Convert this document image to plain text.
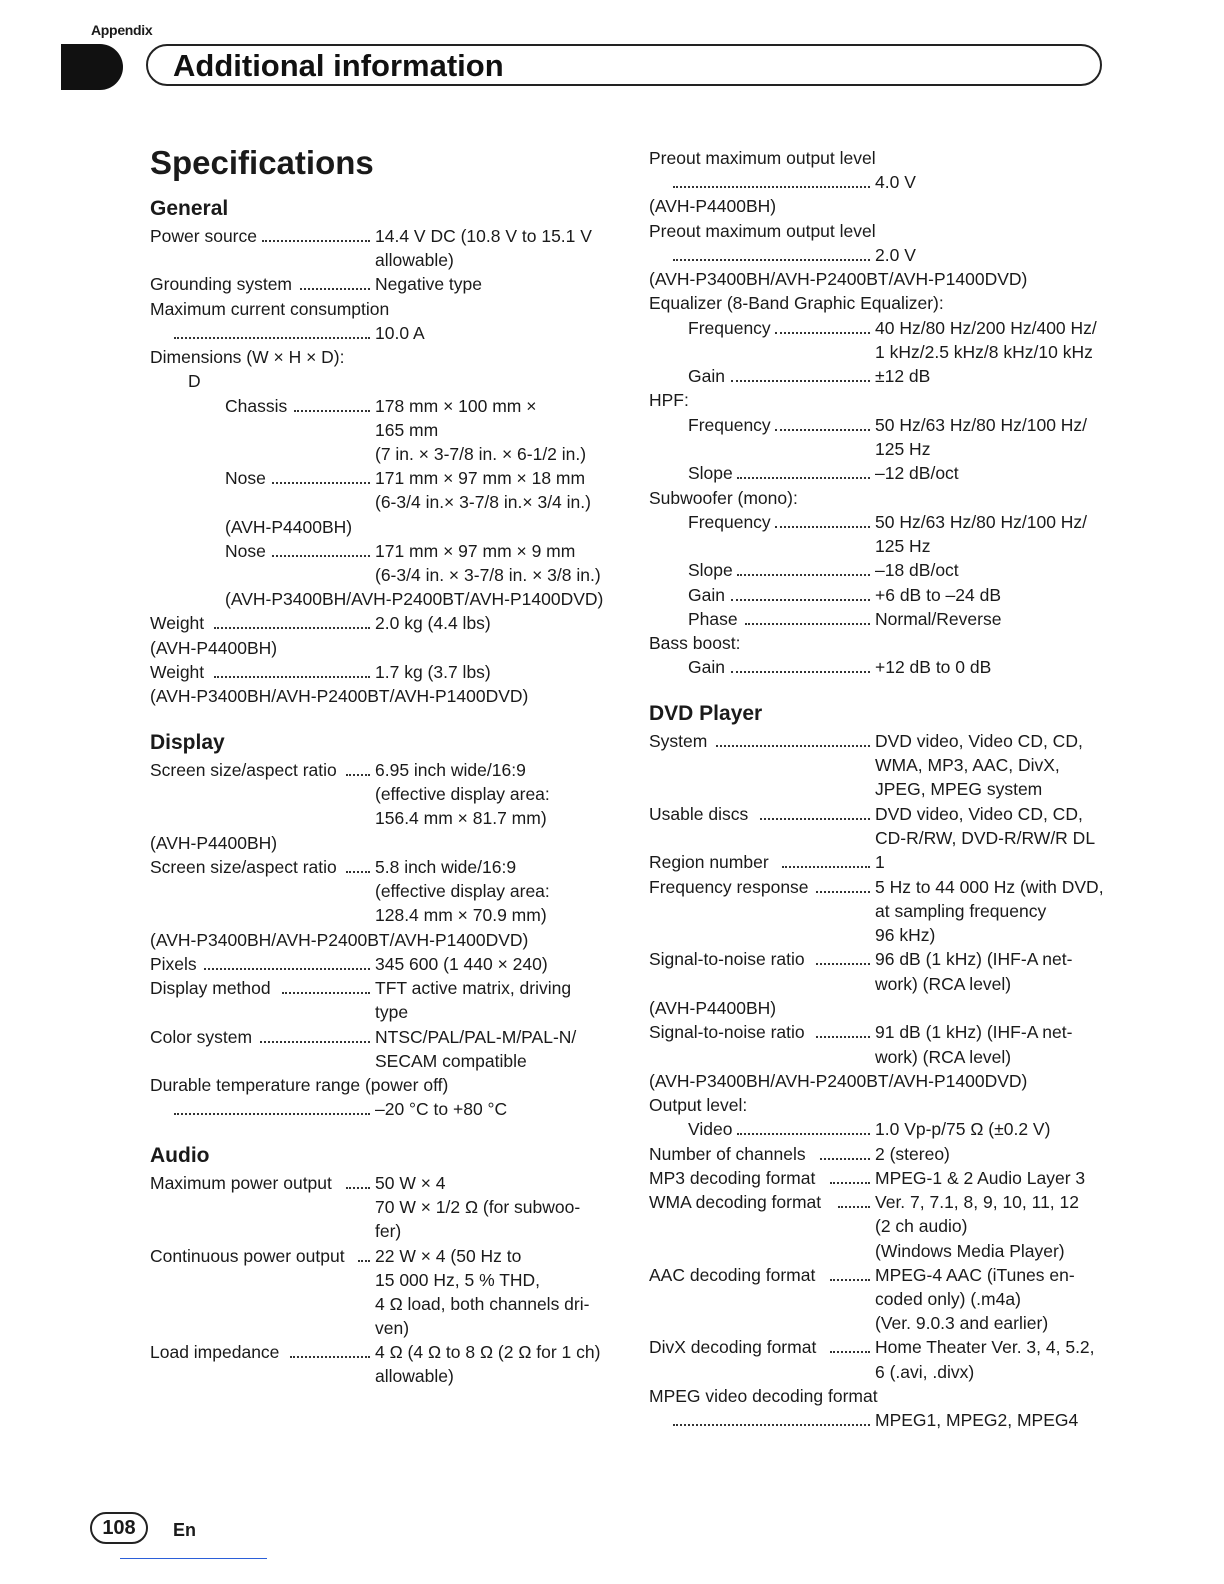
Appendix
Additional information
Specifications
General
Power source	14.4 V DC (10.8 V to 15.1 V
allowable)
Grounding system	Negative type
Maximum current consumption
10.0 A
Dimensions (W × H × D):
D
Chassis	178 mm × 100 mm ×
165 mm
(7 in. × 3-7/8 in. × 6-1/2 in.)
Nose	171 mm × 97 mm × 18 mm
(6-3/4 in.× 3-7/8 in.× 3/4 in.)
(AVH-P4400BH)
Nose	171 mm × 97 mm × 9 mm
(6-3/4 in. × 3-7/8 in. × 3/8 in.)
(AVH-P3400BH/AVH-P2400BT/AVH-P1400DVD)
Weight	2.0 kg (4.4 lbs)
(AVH-P4400BH)
Weight	1.7 kg (3.7 lbs)
(AVH-P3400BH/AVH-P2400BT/AVH-P1400DVD)
Display
Screen size/aspect ratio 6.95 inch wide/16:9
(effective display area:
156.4 mm × 81.7 mm)
(AVH-P4400BH)
Screen size/aspect ratio 5.8 inch wide/16:9
(effective display area:
128.4 mm × 70.9 mm)
(AVH-P3400BH/AVH-P2400BT/AVH-P1400DVD)
Pixels	345 600 (1 440 × 240)
Display method	TFT active matrix, driving
type
Color system	NTSC/PAL/PAL-M/PAL-N/
SECAM compatible
Durable temperature range (power off)
–20 °C to +80 °C
Audio
Maximum power output 50 W × 4
70 W × 1/2 Ω (for subwoo-
fer)
Continuous power output 22 W × 4 (50 Hz to
15 000 Hz, 5 % THD,
4 Ω load, both channels dri-
ven)
Load impedance	4 Ω (4 Ω to 8 Ω (2 Ω for 1 ch)
allowable)
Preout maximum output level
4.0 V
(AVH-P4400BH)
Preout maximum output level
2.0 V
(AVH-P3400BH/AVH-P2400BT/AVH-P1400DVD)
Equalizer (8-Band Graphic Equalizer):
Frequency	40 Hz/80 Hz/200 Hz/400 Hz/
1 kHz/2.5 kHz/8 kHz/10 kHz
Gain	±12 dB
HPF:
Frequency	50 Hz/63 Hz/80 Hz/100 Hz/
125 Hz
Slope	–12 dB/oct
Subwoofer (mono):
Frequency	50 Hz/63 Hz/80 Hz/100 Hz/
125 Hz
Slope	–18 dB/oct
Gain	+6 dB to –24 dB
Phase	Normal/Reverse
Bass boost:
Gain	+12 dB to 0 dB
DVD Player
System	DVD video, Video CD, CD,
WMA, MP3, AAC, DivX,
JPEG, MPEG system
Usable discs	DVD video, Video CD, CD,
CD-R/RW, DVD-R/RW/R DL
Region number	1
Frequency response	5 Hz to 44 000 Hz (with DVD,
at sampling frequency
96 kHz)
Signal-to-noise ratio	96 dB (1 kHz) (IHF-A net-
work) (RCA level)
(AVH-P4400BH)
Signal-to-noise ratio	91 dB (1 kHz) (IHF-A net-
work) (RCA level)
(AVH-P3400BH/AVH-P2400BT/AVH-P1400DVD)
Output level:
Video	1.0 Vp-p/75 Ω (±0.2 V)
Number of channels	2 (stereo)
MP3 decoding format	MPEG-1 & 2 Audio Layer 3
WMA decoding format	Ver. 7, 7.1, 8, 9, 10, 11, 12
(2 ch audio)
(Windows Media Player)
AAC decoding format	MPEG-4 AAC (iTunes en-
coded only) (.m4a)
(Ver. 9.0.3 and earlier)
DivX decoding format	Home Theater Ver. 3, 4, 5.2,
6 (.avi, .divx)
MPEG video decoding format
MPEG1, MPEG2, MPEG4
108	En
